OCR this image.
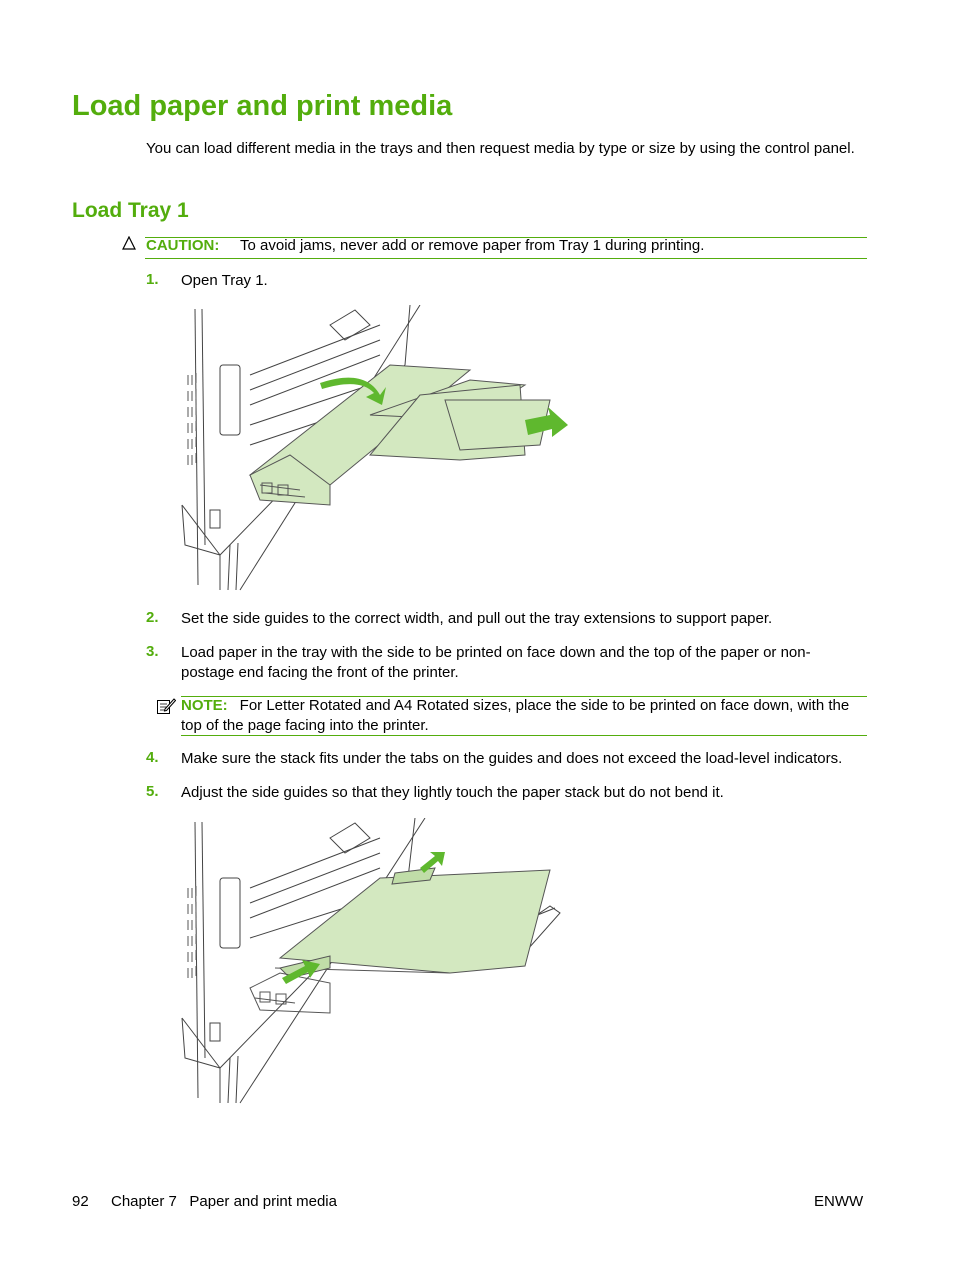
Load paper and print media
You can load different media in the trays and then request media by type or size by using the control panel.
Load Tray 1
CAUTION: To avoid jams, never add or remove paper from Tray 1 during printing.
1.	Open Tray 1.
2.	Set the side guides to the correct width, and pull out the tray extensions to support paper.
3.	Load paper in the tray with the side to be printed on face down and the top of the paper or non-postage end facing the front of the printer.
NOTE: For Letter Rotated and A4 Rotated sizes, place the side to be printed on face down, with the top of the page facing into the printer.
4.	Make sure the stack fits under the tabs on the guides and does not exceed the load-level indicators.
5.	Adjust the side guides so that they lightly touch the paper stack but do not bend it.
92 Chapter 7   Paper and print media	ENWW
